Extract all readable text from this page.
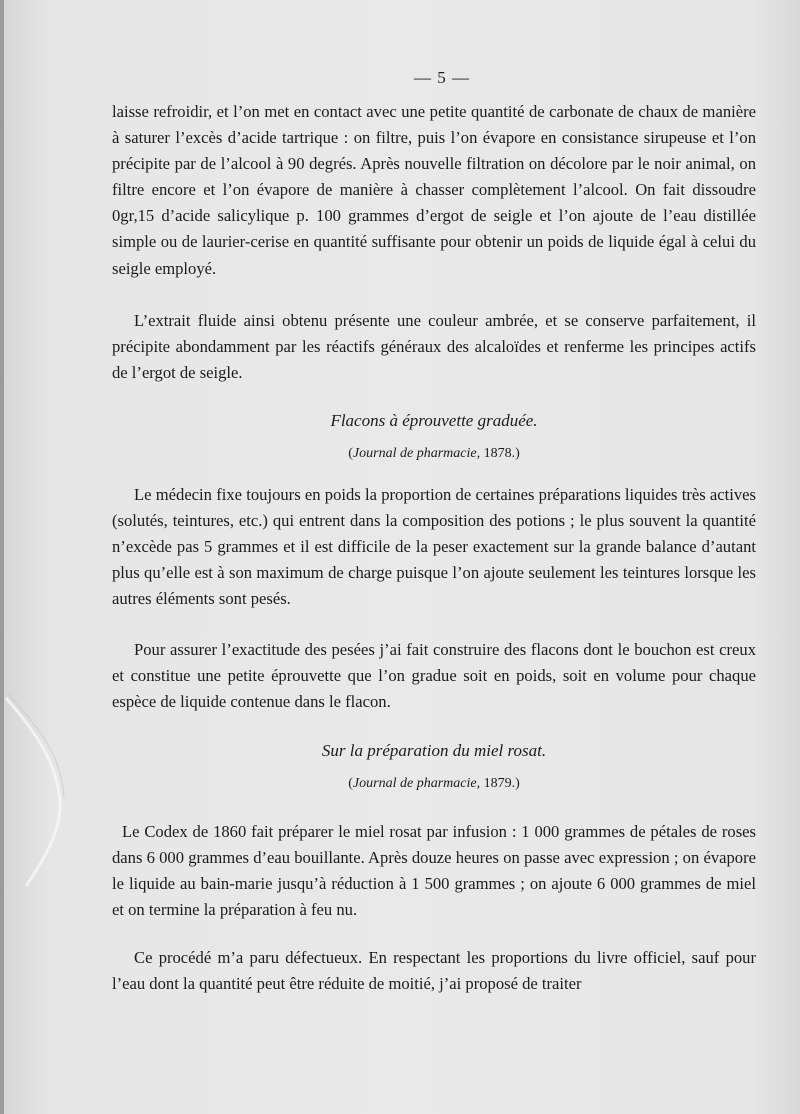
— 5 —
laisse refroidir, et l’on met en contact avec une petite quantité de carbonate de chaux de manière à saturer l’excès d’acide tartrique : on filtre, puis l’on évapore en consistance sirupeuse et l’on précipite par de l’alcool à 90 degrés. Après nouvelle filtration on décolore par le noir animal, on filtre encore et l’on évapore de manière à chasser complètement l’alcool. On fait dissoudre 0gr,15 d’acide salicylique p. 100 grammes d’ergot de seigle et l’on ajoute de l’eau distillée simple ou de laurier-cerise en quantité suffisante pour obtenir un poids de liquide égal à celui du seigle employé.
L’extrait fluide ainsi obtenu présente une couleur ambrée, et se conserve parfaitement, il précipite abondamment par les réactifs généraux des alcaloïdes et renferme les principes actifs de l’ergot de seigle.
Flacons à éprouvette graduée.
(Journal de pharmacie, 1878.)
Le médecin fixe toujours en poids la proportion de certaines préparations liquides très actives (solutés, teintures, etc.) qui entrent dans la composition des potions ; le plus souvent la quantité n’excède pas 5 grammes et il est difficile de la peser exactement sur la grande balance d’autant plus qu’elle est à son maximum de charge puisque l’on ajoute seulement les teintures lorsque les autres éléments sont pesés.
Pour assurer l’exactitude des pesées j’ai fait construire des flacons dont le bouchon est creux et constitue une petite éprouvette que l’on gradue soit en poids, soit en volume pour chaque espèce de liquide contenue dans le flacon.
Sur la préparation du miel rosat.
(Journal de pharmacie, 1879.)
Le Codex de 1860 fait préparer le miel rosat par infusion : 1 000 grammes de pétales de roses dans 6 000 grammes d’eau bouillante. Après douze heures on passe avec expression ; on évapore le liquide au bain-marie jusqu’à réduction à 1 500 grammes ; on ajoute 6 000 grammes de miel et on termine la préparation à feu nu.
Ce procédé m’a paru défectueux. En respectant les proportions du livre officiel, sauf pour l’eau dont la quantité peut être réduite de moitié, j’ai proposé de traiter
